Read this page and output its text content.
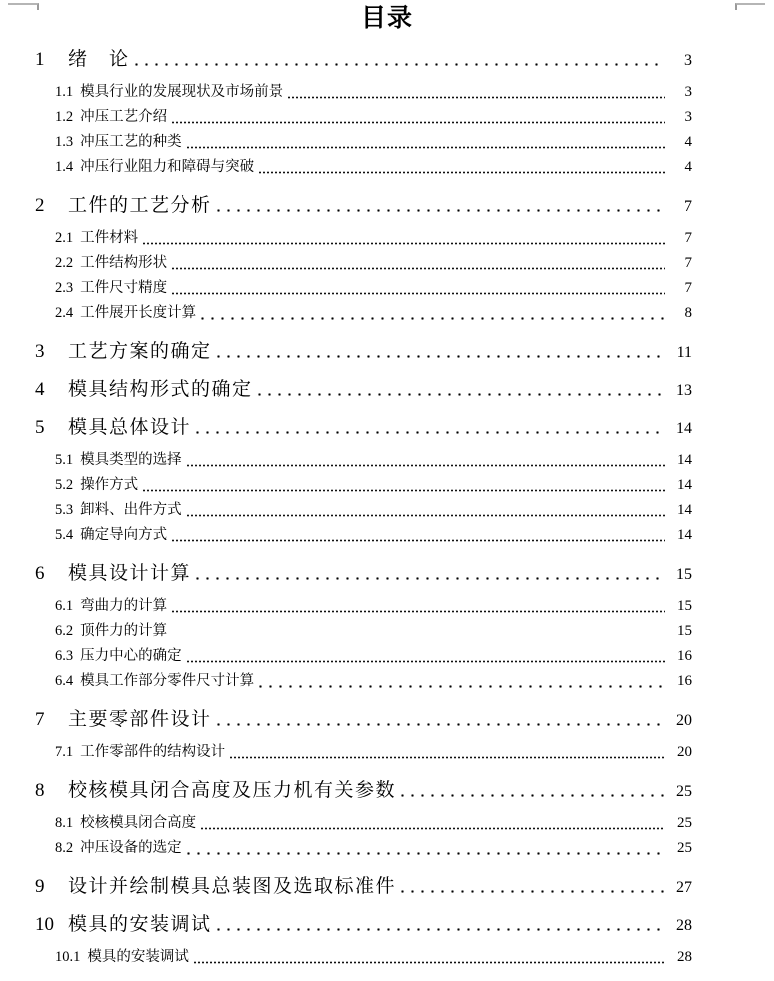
目录
1	绪　论	3
1.1 模具行业的发展现状及市场前景	3
1.2 冲压工艺介绍	3
1.3 冲压工艺的种类	4
1.4 冲压行业阻力和障碍与突破	4
2	工件的工艺分析	7
2.1 工件材料	7
2.2 工件结构形状	7
2.3 工件尺寸精度	7
2.4 工件展开长度计算	8
3	工艺方案的确定	11
4	模具结构形式的确定	13
5	模具总体设计	14
5.1 模具类型的选择	14
5.2 操作方式	14
5.3 卸料、出件方式	14
5.4 确定导向方式	14
6	模具设计计算	15
6.1 弯曲力的计算	15
6.2 顶件力的计算	15
6.3 压力中心的确定	16
6.4 模具工作部分零件尺寸计算	16
7	主要零部件设计	20
7.1 工作零部件的结构设计	20
8	校核模具闭合高度及压力机有关参数	25
8.1 校核模具闭合高度	25
8.2 冲压设备的选定	25
9	设计并绘制模具总装图及选取标准件	27
10 模具的安装调试	28
10.1 模具的安装调试	28
